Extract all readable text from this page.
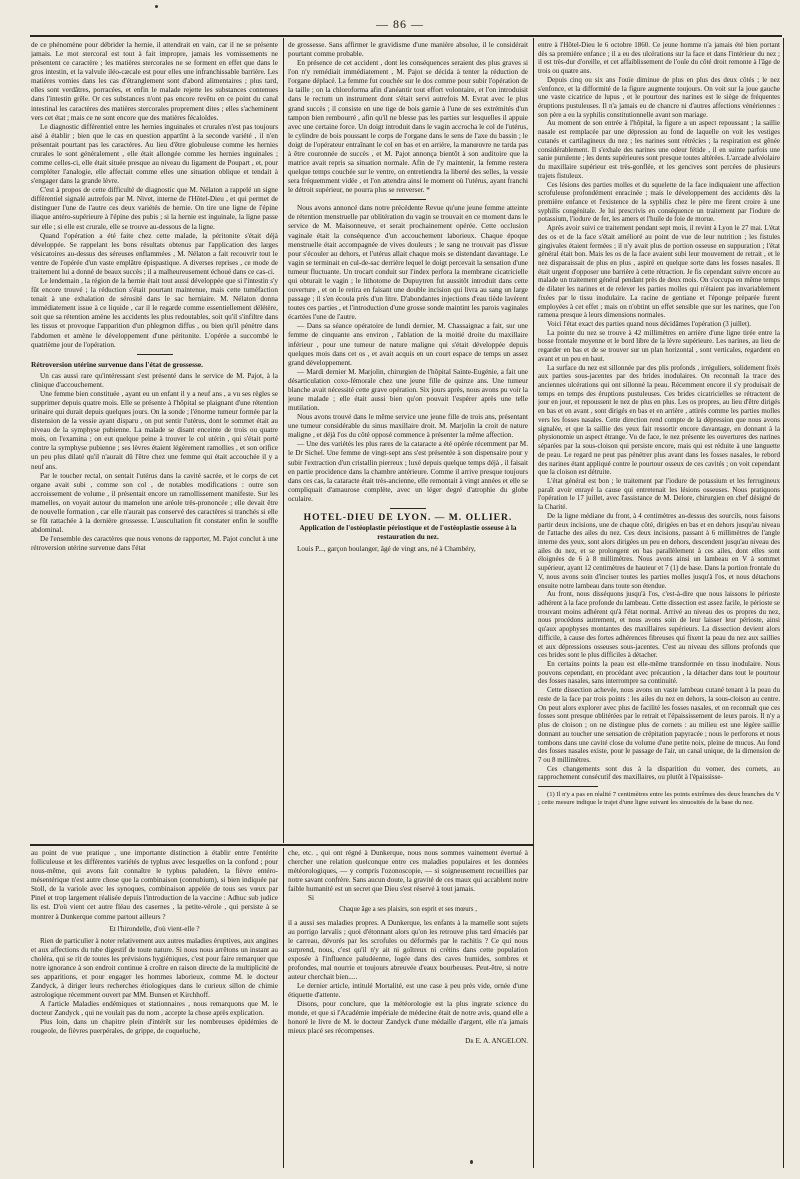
— 86 —

de ce phénomène pour débrider la hernie, il attendrait en vain, car il ne se présente jamais. Le mot stercoral est tout à fait impropre, jamais les vomissements ne présentent ce caractère ; les matières stercorales ne se forment en effet que dans le gros intestin, et la valvule iléo-cæcale est pour elles une infranchissable barrière. Les matières vomies dans les cas d'étranglement sont d'abord alimentaires ; plus tard, elles sont verdâtres, porracées, et enfin le malade rejette les substances contenues dans l'intestin grêle. Or ces substances n'ont pas encore revêtu en ce point du canal intestinal les caractères des matières stercorales proprement dites ; elles s'acheminent vers cet état ; mais ce ne sont encore que des matières fécaloïdes.

Le diagnostic différentiel entre les hernies inguinales et crurales n'est pas toujours aisé à établir ; bien que le cas en question appartînt à la seconde variété , il n'en présentait pourtant pas les caractères. Au lieu d'être globuleuse comme les hernies crurales le sont généralement , elle était allongée comme les hernies inguinales ; comme celles-ci, elle était située presque au niveau du ligament de Poupart , et, pour compléter l'analogie, elle affectait comme elles une situation oblique et tendait à s'engager dans la grande lèvre.

C'est à propos de cette difficulté de diagnostic que M. Nélaton a rappelé un signe différentiel signalé autrefois par M. Nivet, interne de l'Hôtel-Dieu , et qui permet de distinguer l'une de l'autre ces deux variétés de hernie. On tire une ligne de l'épine iliaque antéro-supérieure à l'épine des pubis ; si la hernie est inguinale, la ligne passe sur elle ; si elle est crurale, elle se trouve au-dessous de la ligne.

Quand l'opération a été faite chez cette malade, la péritonite s'était déjà développée. Se rappelant les bons résultats obtenus par l'application des larges vésicatoires au-dessus des séreuses enflammées , M. Nélaton a fait recouvrir tout le ventre de l'opérée d'un vaste emplâtre épispastique. A diverses reprises , ce mode de traitement lui a donné de beaux succès ; il a malheureusement échoué dans ce cas-ci.

Le lendemain , la région de la hernie était tout aussi développée que si l'intestin s'y fût encore trouvé ; la réduction s'était pourtant maintenue, mais cette tuméfaction tenait à une exhalation de sérosité dans le sac herniaire. M. Nélaton donna immédiatement issue à ce liquide , car il le regarde comme essentiellement délétère, soit que sa rétention amène les accidents les plus redoutables, soit qu'il s'infiltre dans les tissus et provoque l'apparition d'un phlegmon diffus , ou bien qu'il pénètre dans l'abdomen et amène le développement d'une péritonite. L'opérée a succombé le quatrième jour de l'opération.

Rétroversion utérine survenue dans l'état de grossesse.

Un cas aussi rare qu'intéressant s'est présenté dans le service de M. Pajot, à la clinique d'accouchement.

Une femme bien constituée , ayant eu un enfant il y a neuf ans , a vu ses règles se supprimer depuis quatre mois. Elle se présente à l'hôpital se plaignant d'une rétention urinaire qui durait depuis quelques jours. On la sonde ; l'énorme tumeur formée par la distension de la vessie ayant disparu , on put sentir l'utérus, dont le sommet était au niveau de la symphyse pubienne. La malade se disant enceinte de trois ou quatre mois, on l'examina ; on eut quelque peine à trouver le col utérin , qui s'était porté contre la symphyse pubienne ; ses lèvres étaient légèrement ramollies , et son orifice un peu plus dilaté qu'il n'aurait dû l'être chez une femme qui était accouchée il y a neuf ans.

Par le toucher rectal, on sentait l'utérus dans la cavité sacrée, et le corps de cet organe avait subi , comme son col , de notables modifications : outre son accroissement de volume , il présentait encore un ramollissement manifeste. Sur les mamelles, on voyait autour du mamelon une aréole très-prononcée ; elle devait être de nouvelle formation , car elle n'aurait pas conservé des caractères si tranchés si elle se fût rattachée à la dernière grossesse. L'auscultation fit constater enfin le souffle abdominal.

De l'ensemble des caractères que nous venons de rapporter, M. Pajot conclut à une rétroversion utérine survenue dans l'état

de grossesse. Sans affirmer le gravidisme d'une manière absolue, il le considérait pourtant comme probable.

En présence de cet accident , dont les conséquences seraient des plus graves si l'on n'y remédiait immédiatement , M. Pajot se décida à tenter la réduction de l'organe déplacé. La femme fut couchée sur le dos comme pour subir l'opération de la taille ; on la chloroforma afin d'anéantir tout effort volontaire, et l'on introduisit dans le rectum un instrument dont s'était servi autrefois M. Evrat avec le plus grand succès ; il consiste en une tige de bois garnie à l'une de ses extrémités d'un tampon bien rembourré , afin qu'il ne blesse pas les parties sur lesquelles il appuie avec une certaine force. Un doigt introduit dans le vagin accrocha le col de l'utérus, le cylindre de bois poussant le corps de l'organe dans le sens de l'axe du bassin ; le doigt de l'opérateur entraînant le col en bas et en arrière, la manœuvre ne tarda pas à être couronnée de succès , et M. Pajot annonça bientôt à son auditoire que la matrice avait repris sa situation normale. Afin de l'y maintenir, la femme restera quelque temps couchée sur le ventre, on entretiendra la liberté des selles, la vessie sera fréquemment vidée , et l'on attendra ainsi le moment où l'utérus, ayant franchi le détroit supérieur, ne pourra plus se renverser. *

Nous avons annoncé dans notre précédente Revue qu'une jeune femme atteinte de rétention menstruelle par oblitération du vagin se trouvait en ce moment dans le service de M. Maisonneuve, et serait prochainement opérée. Cette occlusion vaginale était la conséquence d'un accouchement laborieux. Chaque époque menstruelle était accompagnée de vives douleurs ; le sang ne trouvait pas d'issue pour s'écouler au dehors, et l'utérus allait chaque mois se distendant davantage. Le vagin se terminait en cul-de-sac derrière lequel le doigt percevait la sensation d'une tumeur fluctuante. Un trocart conduit sur l'index perfora la membrane cicatricielle qui obturait le vagin ; le lithotome de Dupuytren fut aussitôt introduit dans cette ouverture , et on le retira en faisant une double incision qui livra au sang un large passage ; il s'en écoula près d'un litre. D'abondantes injections d'eau tiède lavèrent toutes ces parties , et l'introduction d'une grosse sonde maintint les parois vaginales écartées l'une de l'autre.

— Dans sa séance opératoire de lundi dernier, M. Chassaignac a fait, sur une femme de cinquante ans environ , l'ablation de la moitié droite du maxillaire inférieur , pour une tumeur de nature maligne qui s'était développée depuis quelques mois dans cet os , et avait acquis en un court espace de temps un assez grand développement.

— Mardi dernier M. Marjolin, chirurgien de l'hôpital Sainte-Eugénie, a fait une désarticulation coxo-fémorale chez une jeune fille de quinze ans. Une tumeur blanche avait nécessité cette grave opération. Six jours après, nous avons pu voir la jeune malade ; elle était aussi bien qu'on pouvait l'espérer après une telle mutilation.

Nous avons trouvé dans le même service une jeune fille de trois ans, présentant une tumeur considérable du sinus maxillaire droit. M. Marjolin la croit de nature maligne , et déjà l'os du côté opposé commence à présenter la même affection.

— Une des variétés les plus rares de la cataracte a été opérée récemment par M. le Dr Sichel. Une femme de vingt-sept ans s'est présentée à son dispensaire pour y subir l'extraction d'un cristallin pierreux ; luxé depuis quelque temps déjà , il faisait en partie procidence dans la chambre antérieure. Comme il arrive presque toujours dans ces cas, la cataracte était très-ancienne, elle remontait à vingt années et elle se compliquait d'amaurose complète, avec un léger degré d'atrophie du globe oculaire.

HOTEL-DIEU DE LYON. — M. OLLIER.
Application de l'ostéoplastie périostique et de l'ostéoplastie osseuse à la restauration du nez.

Louis P..., garçon boulanger, âgé de vingt ans, né à Chambéry,

entre à l'Hôtel-Dieu le 6 octobre 1860. Ce jeune homme n'a jamais été bien portant dès sa première enfance ; il a eu des ulcérations sur la face et dans l'intérieur du nez ; il est très-dur d'oreille, et cet affaiblissement de l'ouïe du côté droit remonte à l'âge de trois ou quatre ans.

Depuis cinq ou six ans l'ouïe diminue de plus en plus des deux côtés ; le nez s'enfonce, et la difformité de la figure augmente toujours. On voit sur la joue gauche une vaste cicatrice de lupus , et le pourtour des narines est le siège de fréquentes éruptions pustuleuses. Il n'a jamais eu de chancre ni d'autres affections vénériennes : son père a eu la syphilis constitutionnelle avant son mariage.

Au moment de son entrée à l'hôpital, la figure a un aspect repoussant ; la saillie nasale est remplacée par une dépression au fond de laquelle on voit les vestiges cutanés et cartilagineux du nez ; les narines sont rétrécies ; la respiration est gênée considérablement. Il s'exhale des narines une odeur fétide , il en suinte parfois une sanie purulente ; les dents supérieures sont presque toutes altérées. L'arcade alvéolaire du maxillaire supérieur est très-gonflée, et les gencives sont percées de plusieurs trajets fistuleux.

Ces lésions des parties molles et du squelette de la face indiquaient une affection scrofuleuse profondément enracinée ; mais le développement des accidents dès la première enfance et l'existence de la syphilis chez le père me firent croire à une syphilis congénitale. Je lui prescrivis en conséquence un traitement par l'iodure de potassium, l'iodure de fer, les amers et l'huile de foie de morue.

Après avoir suivi ce traitement pendant sept mois, il revint à Lyon le 27 mai. L'état des os et de la face s'était amélioré au point de vue de leur nutrition ; les fistules gingivales étaient fermées ; il n'y avait plus de portion osseuse en suppuration ; l'état général était bon. Mais les os de la face avaient subi leur mouvement de retrait , et le nez disparaissait de plus en plus , aspiré en quelque sorte dans les fosses nasales. Il était urgent d'opposer une barrière à cette rétraction. Je fis cependant suivre encore au malade un traitement général pendant près de deux mois. On s'occupa en même temps de dilater les narines et de relever les parties molles qui n'étaient pas invariablement fixées par le tissu inodulaire. La racine de gentiane et l'éponge préparée furent employées à cet effet ; mais on n'obtint un effet sensible que sur les narines, que l'on ramena presque à leurs dimensions normales.

Voici l'état exact des parties quand nous décidâmes l'opération (3 juillet).

La pointe du nez se trouve à 42 millimètres en arrière d'une ligne tirée entre la bosse frontale moyenne et le bord libre de la lèvre supérieure. Les narines, au lieu de regarder en bas et de se trouver sur un plan horizontal , sont verticales, regardent en avant et un peu en haut.

La surface du nez est sillonnée par des plis profonds , irréguliers, solidement fixés aux parties sous-jacentes par des brides inodulaires. On reconnaît la trace des anciennes ulcérations qui ont sillonné la peau. Récemment encore il s'y produisait de temps en temps des éruptions pustuleuses. Ces brides cicatricielles se rétractent de jour en jour, et repoussent le nez de plus en plus. Les os propres, au lieu d'être dirigés en bas et en avant , sont dirigés en bas et en arrière , attirés comme les parties molles vers les fosses nasales. Cette direction rend compte de la dépression que nous avons signalée, et que la saillie des yeux fait ressortir encore davantage, en donnant à la physionomie un aspect étrange. Vu de face, le nez présente les ouvertures des narines séparées par la sous-cloison qui persiste encore, mais qui est réduite à une languette de peau. Le regard ne peut pas pénétrer plus avant dans les fosses nasales, le rebord des narines étant appliqué contre le pourtour osseux de ces cavités ; on voit cependant que la cloison est détruite.

L'état général est bon ; le traitement par l'iodure de potassium et les ferrugineux paraît avoir enrayé la cause qui entretenait les lésions osseuses. Nous pratiquons l'opération le 17 juillet, avec l'assistance de M. Delore, chirurgien en chef désigné de la Charité.

De la ligne médiane du front, à 4 centimètres au-dessus des sourcils, nous faisons partir deux incisions, une de chaque côté, dirigées en bas et en dehors jusqu'au niveau de l'attache des ailes du nez. Ces deux incisions, passant à 6 millimètres de l'angle interne des yeux, sont alors dirigées un peu en dehors, descendent jusqu'au niveau des ailes du nez, et se prolongent en bas parallèlement à ces ailes, dont elles sont éloignées de 6 à 8 millimètres. Nous avons ainsi un lambeau en V à sommet supérieur, ayant 12 centimètres de hauteur et 7 (1) de base. Dans la portion frontale du V, nous avons soin d'inciser toutes les parties molles jusqu'à l'os, et nous détachons ensuite notre lambeau dans toute son étendue.

Au front, nous disséquons jusqu'à l'os, c'est-à-dire que nous laissons le périoste adhérent à la face profonde du lambeau. Cette dissection est assez facile, le périoste se trouvant moins adhérent qu'à l'état normal. Arrivé au niveau des os propres du nez, nous procédons autrement, et nous avons soin de leur laisser leur périoste, ainsi qu'aux apophyses montantes des maxillaires supérieurs. La dissection devient alors difficile, à cause des fortes adhérences fibreuses qui fixent la peau du nez aux saillies et aux dépressions osseuses sous-jacentes. C'est au niveau des sillons profonds que ces brides sont le plus difficiles à détacher.

En certains points la peau est elle-même transformée en tissu inodulaire. Nous pouvons cependant, en procédant avec précaution , la détacher dans tout le pourtour des fosses nasales, sans interrompre sa continuité.

Cette dissection achevée, nous avons un vaste lambeau cutané tenant à la peau du reste de la face par trois points : les ailes du nez en dehors, la sous-cloison au centre. On peut alors explorer avec plus de facilité les fosses nasales, et on reconnaît que ces fosses sont presque oblitérées par le retrait et l'épaississement de leurs parois. Il n'y a plus de cloison ; on ne distingue plus de cornets : au milieu est une légère saillie donnant au toucher une sensation de crépitation papyracée ; nous le perforons et nous tombons dans une cavité close du volume d'une petite noix, pleine de mucus. Au fond des fosses nasales existe, pour le passage de l'air, un canal unique, de la dimension de 7 ou 8 millimètres.

Ces changements sont dus à la disparition du vomer, des cornets, au rapprochement consécutif des maxillaires, ou plutôt à l'épaississe-

(1) Il n'y a pas en réalité 7 centimètres entre les points extrêmes des deux branches du V ; cette mesure indique le trajet d'une ligne suivant les sinuosités de la base du nez.

au point de vue pratique , une importante distinction à établir entre l'entérite folliculeuse et les différentes variétés de typhus avec lesquelles on la confond ; pour nous-même, qui avons fait connaître le typhus paludéen, la fièvre entéro-mésentérique n'est autre chose que la combinaison (connubium), si bien indiquée par Stoll, de la variole avec les synoques, combinaison appelée de tous ses vœux par Pinel et trop largement réalisée depuis l'introduction de la vaccine : Adhuc sub judice lis est. D'où vient cet autre fléau des casernes , la petite-vérole , qui persiste à se montrer à Dunkerque comme partout ailleurs ?

Et l'hirondelle, d'où vient-elle ?

Rien de particulier à noter relativement aux autres maladies éruptives, aux angines et aux affections du tube digestif de toute nature. Si nous nous arrêtons un instant au choléra, qui se rit de toutes les prévisions hygiéniques, c'est pour faire remarquer que notre ignorance à son endroit continue à croître en raison directe de la multiplicité de ses apparitions, et pour engager les hommes laborieux, comme M. le docteur Zandyck, à diriger leurs recherches étiologiques dans le curieux sillon de chimie astrologique récemment ouvert par MM. Bunsen et Kirchhoff.

A l'article Maladies endémiques et stationnaires , nous remarquons que M. le docteur Zandyck , qui ne voulait pas du nom , accepte la chose après explication.

Plus loin, dans un chapitre plein d'intérêt sur les nombreuses épidémies de rougeole, de fièvres puerpérales, de grippe, de coqueluche,

che, etc. , qui ont régné à Dunkerque, nous nous sommes vainement évertué à chercher une relation quelconque entre ces maladies populaires et les données météorologiques, — y compris l'ozonoscopie, — si soigneusement recueillies par notre savant confrère. Sans aucun doute, la gravité de ces maux qui accablent notre faible humanité est un secret que Dieu s'est réservé à tout jamais.

Si

Chaque âge a ses plaisirs, son esprit et ses mœurs ,

il a aussi ses maladies propres. A Dunkerque, les enfants à la mamelle sont sujets au porrigo larvalis ; quoi d'étonnant alors qu'on les retrouve plus tard émaciés par le carreau, dévorés par les scrofules ou déformés par le rachitis ? Ce qui nous surprend, nous, c'est qu'il n'y ait ni goîtreux ni crétins dans cette population exposée à l'influence paludéenne, logée dans des caves humides, sombres et profondes, mal nourrie et toujours abreuvée d'eaux bourbeuses. Peut-être, si notre auteur cherchait bien.....

Le dernier article, intitulé Mortalité, est une case à peu près vide, ornée d'une étiquette d'attente.

Disons, pour conclure, que la météorologie est la plus ingrate science du monde, et que si l'Académie impériale de médecine était de notre avis, quand elle a honoré le livre de M. le docteur Zandyck d'une médaille d'argent, elle n'a jamais mieux placé ses récompenses.

Dr E. A. ANGELON.
